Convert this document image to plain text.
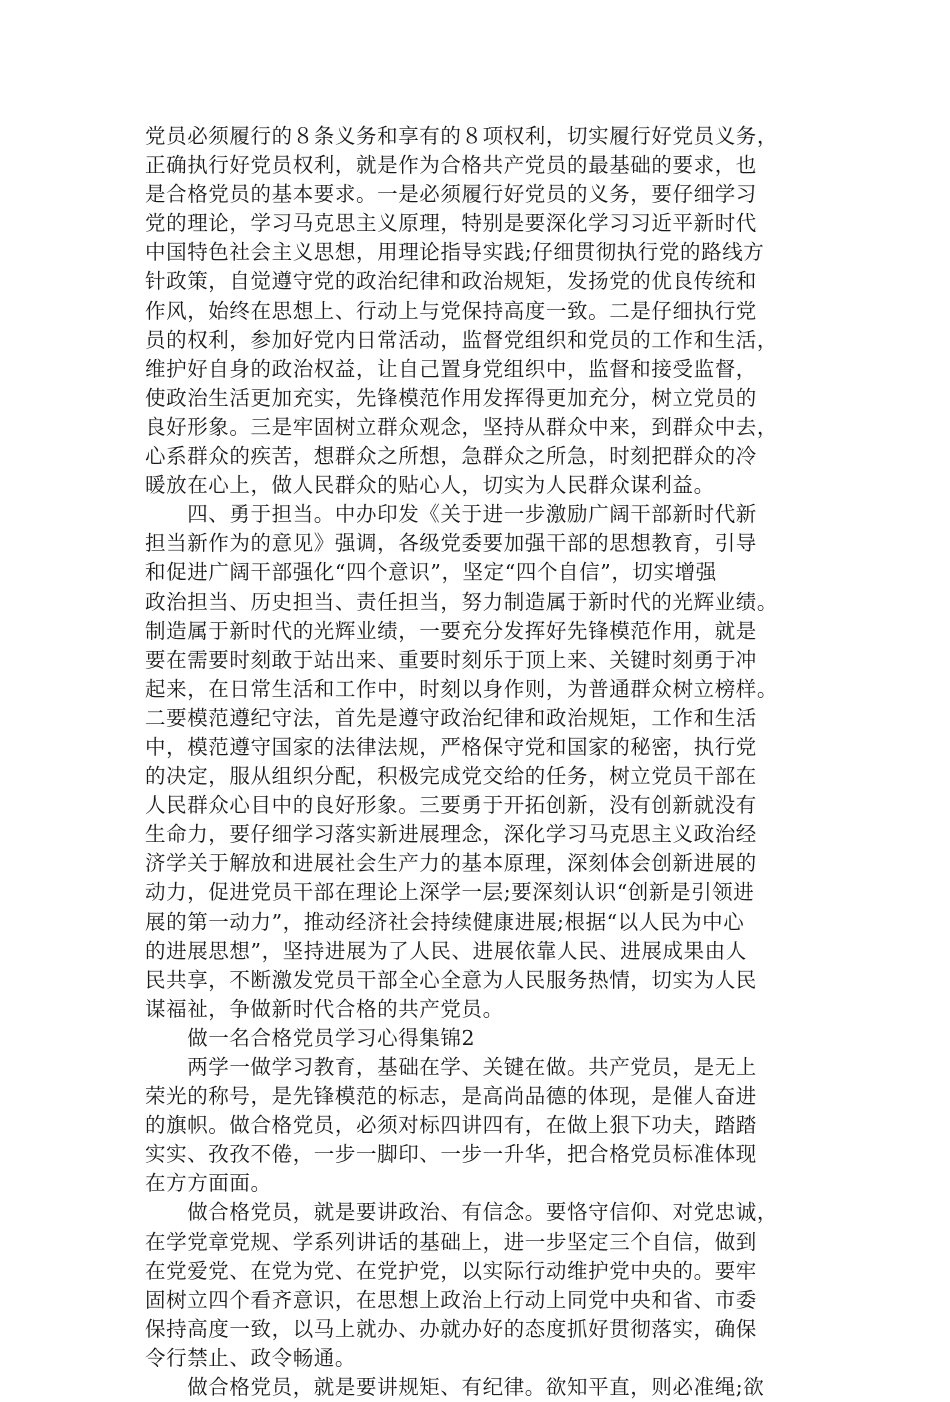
党员必须履行的８条义务和享有的８项权利，切实履行好党员义务，
正确执行好党员权利，就是作为合格共产党员的最基础的要求，也
是合格党员的基本要求。一是必须履行好党员的义务，要仔细学习
党的理论，学习马克思主义原理，特别是要深化学习习近平新时代
中国特色社会主义思想，用理论指导实践;仔细贯彻执行党的路线方
针政策，自觉遵守党的政治纪律和政治规矩，发扬党的优良传统和
作风，始终在思想上、行动上与党保持高度一致。二是仔细执行党
员的权利，参加好党内日常活动，监督党组织和党员的工作和生活，
维护好自身的政治权益，让自己置身党组织中，监督和接受监督，
使政治生活更加充实，先锋模范作用发挥得更加充分，树立党员的
良好形象。三是牢固树立群众观念，坚持从群众中来，到群众中去，
心系群众的疾苦，想群众之所想，急群众之所急，时刻把群众的冷
暖放在心上，做人民群众的贴心人，切实为人民群众谋利益。
　　四、勇于担当。中办印发《关于进一步激励广阔干部新时代新
担当新作为的意见》强调，各级党委要加强干部的思想教育，引导
和促进广阔干部强化“四个意识”，坚定“四个自信”，切实增强
政治担当、历史担当、责任担当，努力制造属于新时代的光辉业绩。
制造属于新时代的光辉业绩，一要充分发挥好先锋模范作用，就是
要在需要时刻敢于站出来、重要时刻乐于顶上来、关键时刻勇于冲
起来，在日常生活和工作中，时刻以身作则，为普通群众树立榜样。
二要模范遵纪守法，首先是遵守政治纪律和政治规矩，工作和生活
中，模范遵守国家的法律法规，严格保守党和国家的秘密，执行党
的决定，服从组织分配，积极完成党交给的任务，树立党员干部在
人民群众心目中的良好形象。三要勇于开拓创新，没有创新就没有
生命力，要仔细学习落实新进展理念，深化学习马克思主义政治经
济学关于解放和进展社会生产力的基本原理，深刻体会创新进展的
动力，促进党员干部在理论上深学一层;要深刻认识“创新是引领进
展的第一动力”，推动经济社会持续健康进展;根据“以人民为中心
的进展思想”，坚持进展为了人民、进展依靠人民、进展成果由人
民共享，不断激发党员干部全心全意为人民服务热情，切实为人民
谋福祉，争做新时代合格的共产党员。
　　做一名合格党员学习心得集锦2
　　两学一做学习教育，基础在学、关键在做。共产党员，是无上
荣光的称号，是先锋模范的标志，是高尚品德的体现，是催人奋进
的旗帜。做合格党员，必须对标四讲四有，在做上狠下功夫，踏踏
实实、孜孜不倦，一步一脚印、一步一升华，把合格党员标准体现
在方方面面。
　　做合格党员，就是要讲政治、有信念。要恪守信仰、对党忠诚，
在学党章党规、学系列讲话的基础上，进一步坚定三个自信，做到
在党爱党、在党为党、在党护党，以实际行动维护党中央的。要牢
固树立四个看齐意识，在思想上政治上行动上同党中央和省、市委
保持高度一致，以马上就办、办就办好的态度抓好贯彻落实，确保
令行禁止、政令畅通。
　　做合格党员，就是要讲规矩、有纪律。欲知平直，则必准绳;欲
